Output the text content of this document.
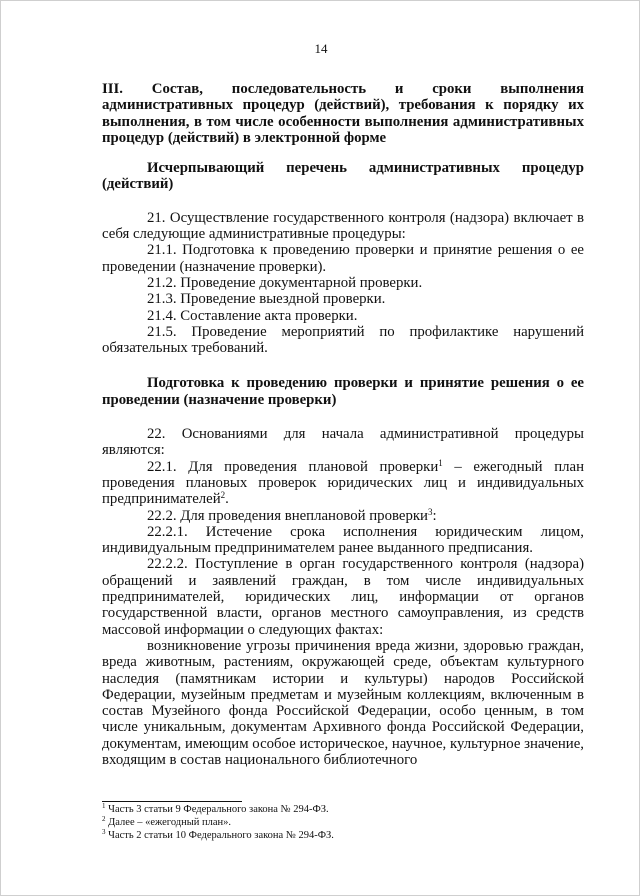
14

III. Состав, последовательность и сроки выполнения административных процедур (действий), требования к порядку их выполнения, в том числе особенности выполнения административных процедур (действий) в электронной форме

Исчерпывающий перечень административных процедур (действий)

21. Осуществление государственного контроля (надзора) включает в себя следующие административные процедуры:

21.1. Подготовка к проведению проверки и принятие решения о ее проведении (назначение проверки).

21.2. Проведение документарной проверки.

21.3. Проведение выездной проверки.

21.4. Составление акта проверки.

21.5. Проведение мероприятий по профилактике нарушений обязательных требований.

Подготовка к проведению проверки и принятие решения о ее проведении (назначение проверки)

22. Основаниями для начала административной процедуры являются:

22.1. Для проведения плановой проверки$^1$ – ежегодный план проведения плановых проверок юридических лиц и индивидуальных предпринимателей$^2$.

22.2. Для проведения внеплановой проверки$^3$:

22.2.1. Истечение срока исполнения юридическим лицом, индивидуальным предпринимателем ранее выданного предписания.

22.2.2. Поступление в орган государственного контроля (надзора) обращений и заявлений граждан, в том числе индивидуальных предпринимателей, юридических лиц, информации от органов государственной власти, органов местного самоуправления, из средств массовой информации о следующих фактах:

возникновение угрозы причинения вреда жизни, здоровью граждан, вреда животным, растениям, окружающей среде, объектам культурного наследия (памятникам истории и культуры) народов Российской Федерации, музейным предметам и музейным коллекциям, включенным в состав Музейного фонда Российской Федерации, особо ценным, в том числе уникальным, документам Архивного фонда Российской Федерации, документам, имеющим особое историческое, научное, культурное значение, входящим в состав национального библиотечного

$^1$ Часть 3 статьи 9 Федерального закона № 294-ФЗ.
$^2$ Далее – «ежегодный план».
$^3$ Часть 2 статьи 10 Федерального закона № 294-ФЗ.
